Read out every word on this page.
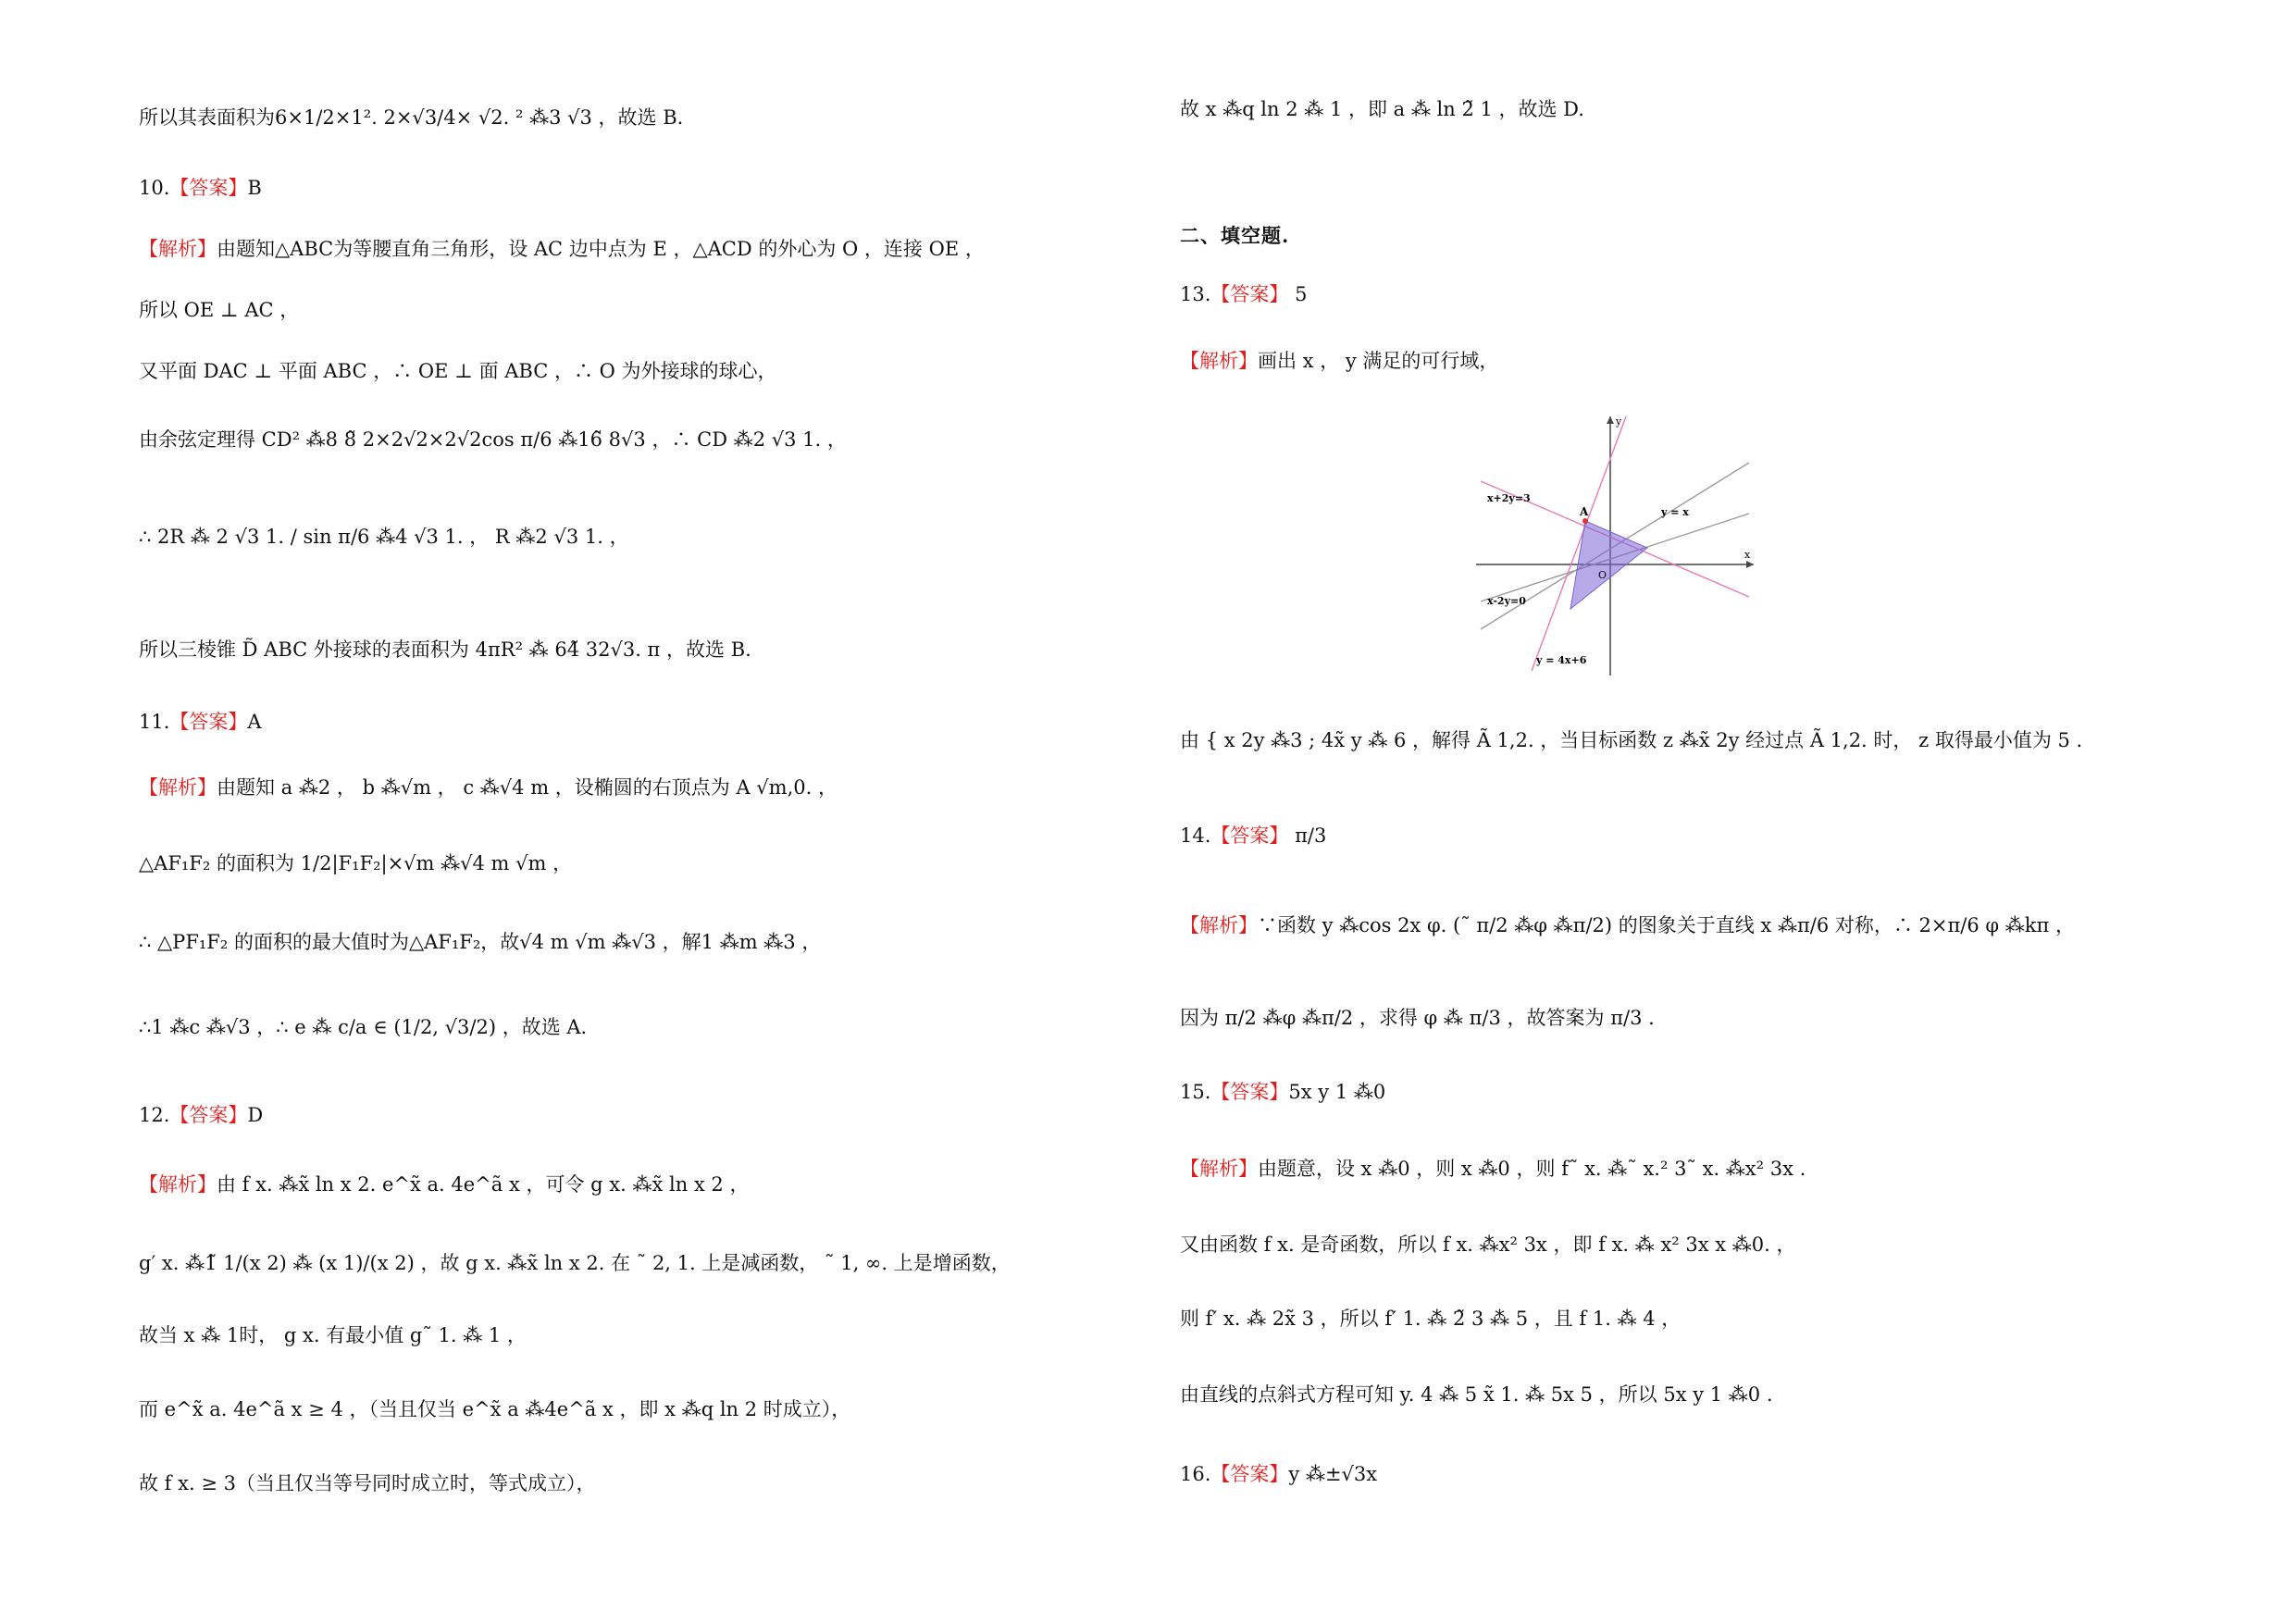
所以其表面积为6×1/2×1². 2×√3/4× √2. ² ⁂3 √3 ，故选 B.
10.【答案】B
【解析】由题知△ABC为等腰直角三角形，设 AC 边中点为 E ，△ACD 的外心为 O ，连接 OE ，
所以 OE ⊥ AC ，
又平面 DAC ⊥ 平面 ABC ，∴ OE ⊥ 面 ABC ，∴ O 为外接球的球心，
由余弦定理得 CD² ⁂8 8̃ 2×2√2×2√2cos π/6 ⁂16̃ 8√3 ，∴ CD ⁂2 √3 1. ，
∴ 2R ⁂ 2 √3 1. / sin π/6 ⁂4 √3 1. ， R ⁂2 √3 1. ，
所以三棱锥 D̃ ABC 外接球的表面积为 4πR² ⁂ 64̃ 32√3. π ，故选 B.
11.【答案】A
【解析】由题知 a ⁂2 ， b ⁂√m ， c ⁂√4 m ，设椭圆的右顶点为 A √m,0. ，
△AF₁F₂ 的面积为 1/2|F₁F₂|×√m ⁂√4 m √m ，
∴ △PF₁F₂ 的面积的最大值时为△AF₁F₂，故√4 m √m ⁂√3 ，解1 ⁂m ⁂3 ，
∴1 ⁂c ⁂√3 ，∴ e ⁂ c/a ∈ (1/2, √3/2) ，故选 A.
12.【答案】D
【解析】由 f x. ⁂x̃ ln x 2. e^x̃ a. 4e^ã x ，可令 g x. ⁂x̃ ln x 2 ，
g′ x. ⁂1̃ 1/(x 2) ⁂ (x 1)/(x 2) ，故 g x. ⁂x̃ ln x 2. 在 ˜ 2, 1. 上是减函数， ˜ 1, ∞. 上是增函数，
故当 x ⁂ 1时， g x. 有最小值 g˜ 1. ⁂ 1 ，
而 e^x̃ a. 4e^ã x ≥ 4 ，（当且仅当 e^x̃ a ⁂4e^ã x ，即 x ⁂q ln 2 时成立），
故 f x. ≥ 3（当且仅当等号同时成立时，等式成立），
故 x ⁂q ln 2 ⁂ 1 ，即 a ⁂ ln 2̃ 1 ，故选 D.
二、填空题.
13.【答案】 5
【解析】画出 x ， y 满足的可行域，
A
O
x
y
x+2y=3
y = x
x-2y=0
y = 4x+6
由 { x 2y ⁂3 ; 4x̃ y ⁂ 6 ，解得 Ã 1,2. ，当目标函数 z ⁂x̃ 2y 经过点 Ã 1,2. 时， z 取得最小值为 5 .
14.【答案】 π/3
【解析】∵函数 y ⁂cos 2x φ. (˜ π/2 ⁂φ ⁂π/2) 的图象关于直线 x ⁂π/6 对称，∴ 2×π/6 φ ⁂kπ ，
因为 π/2 ⁂φ ⁂π/2 ，求得 φ ⁂ π/3 ，故答案为 π/3 .
15.【答案】5x y 1 ⁂0
【解析】由题意，设 x ⁂0 ，则 x ⁂0 ，则 f˜ x. ⁂˜ x.² 3˜ x. ⁂x² 3x .
又由函数 f x. 是奇函数，所以 f x. ⁂x² 3x ，即 f x. ⁂ x² 3x x ⁂0. ，
则 f′ x. ⁂ 2x̃ 3 ，所以 f′ 1. ⁂ 2̃ 3 ⁂ 5 ，且 f 1. ⁂ 4 ，
由直线的点斜式方程可知 y. 4 ⁂ 5 x̃ 1. ⁂ 5x 5 ，所以 5x y 1 ⁂0 .
16.【答案】y ⁂±√3x
